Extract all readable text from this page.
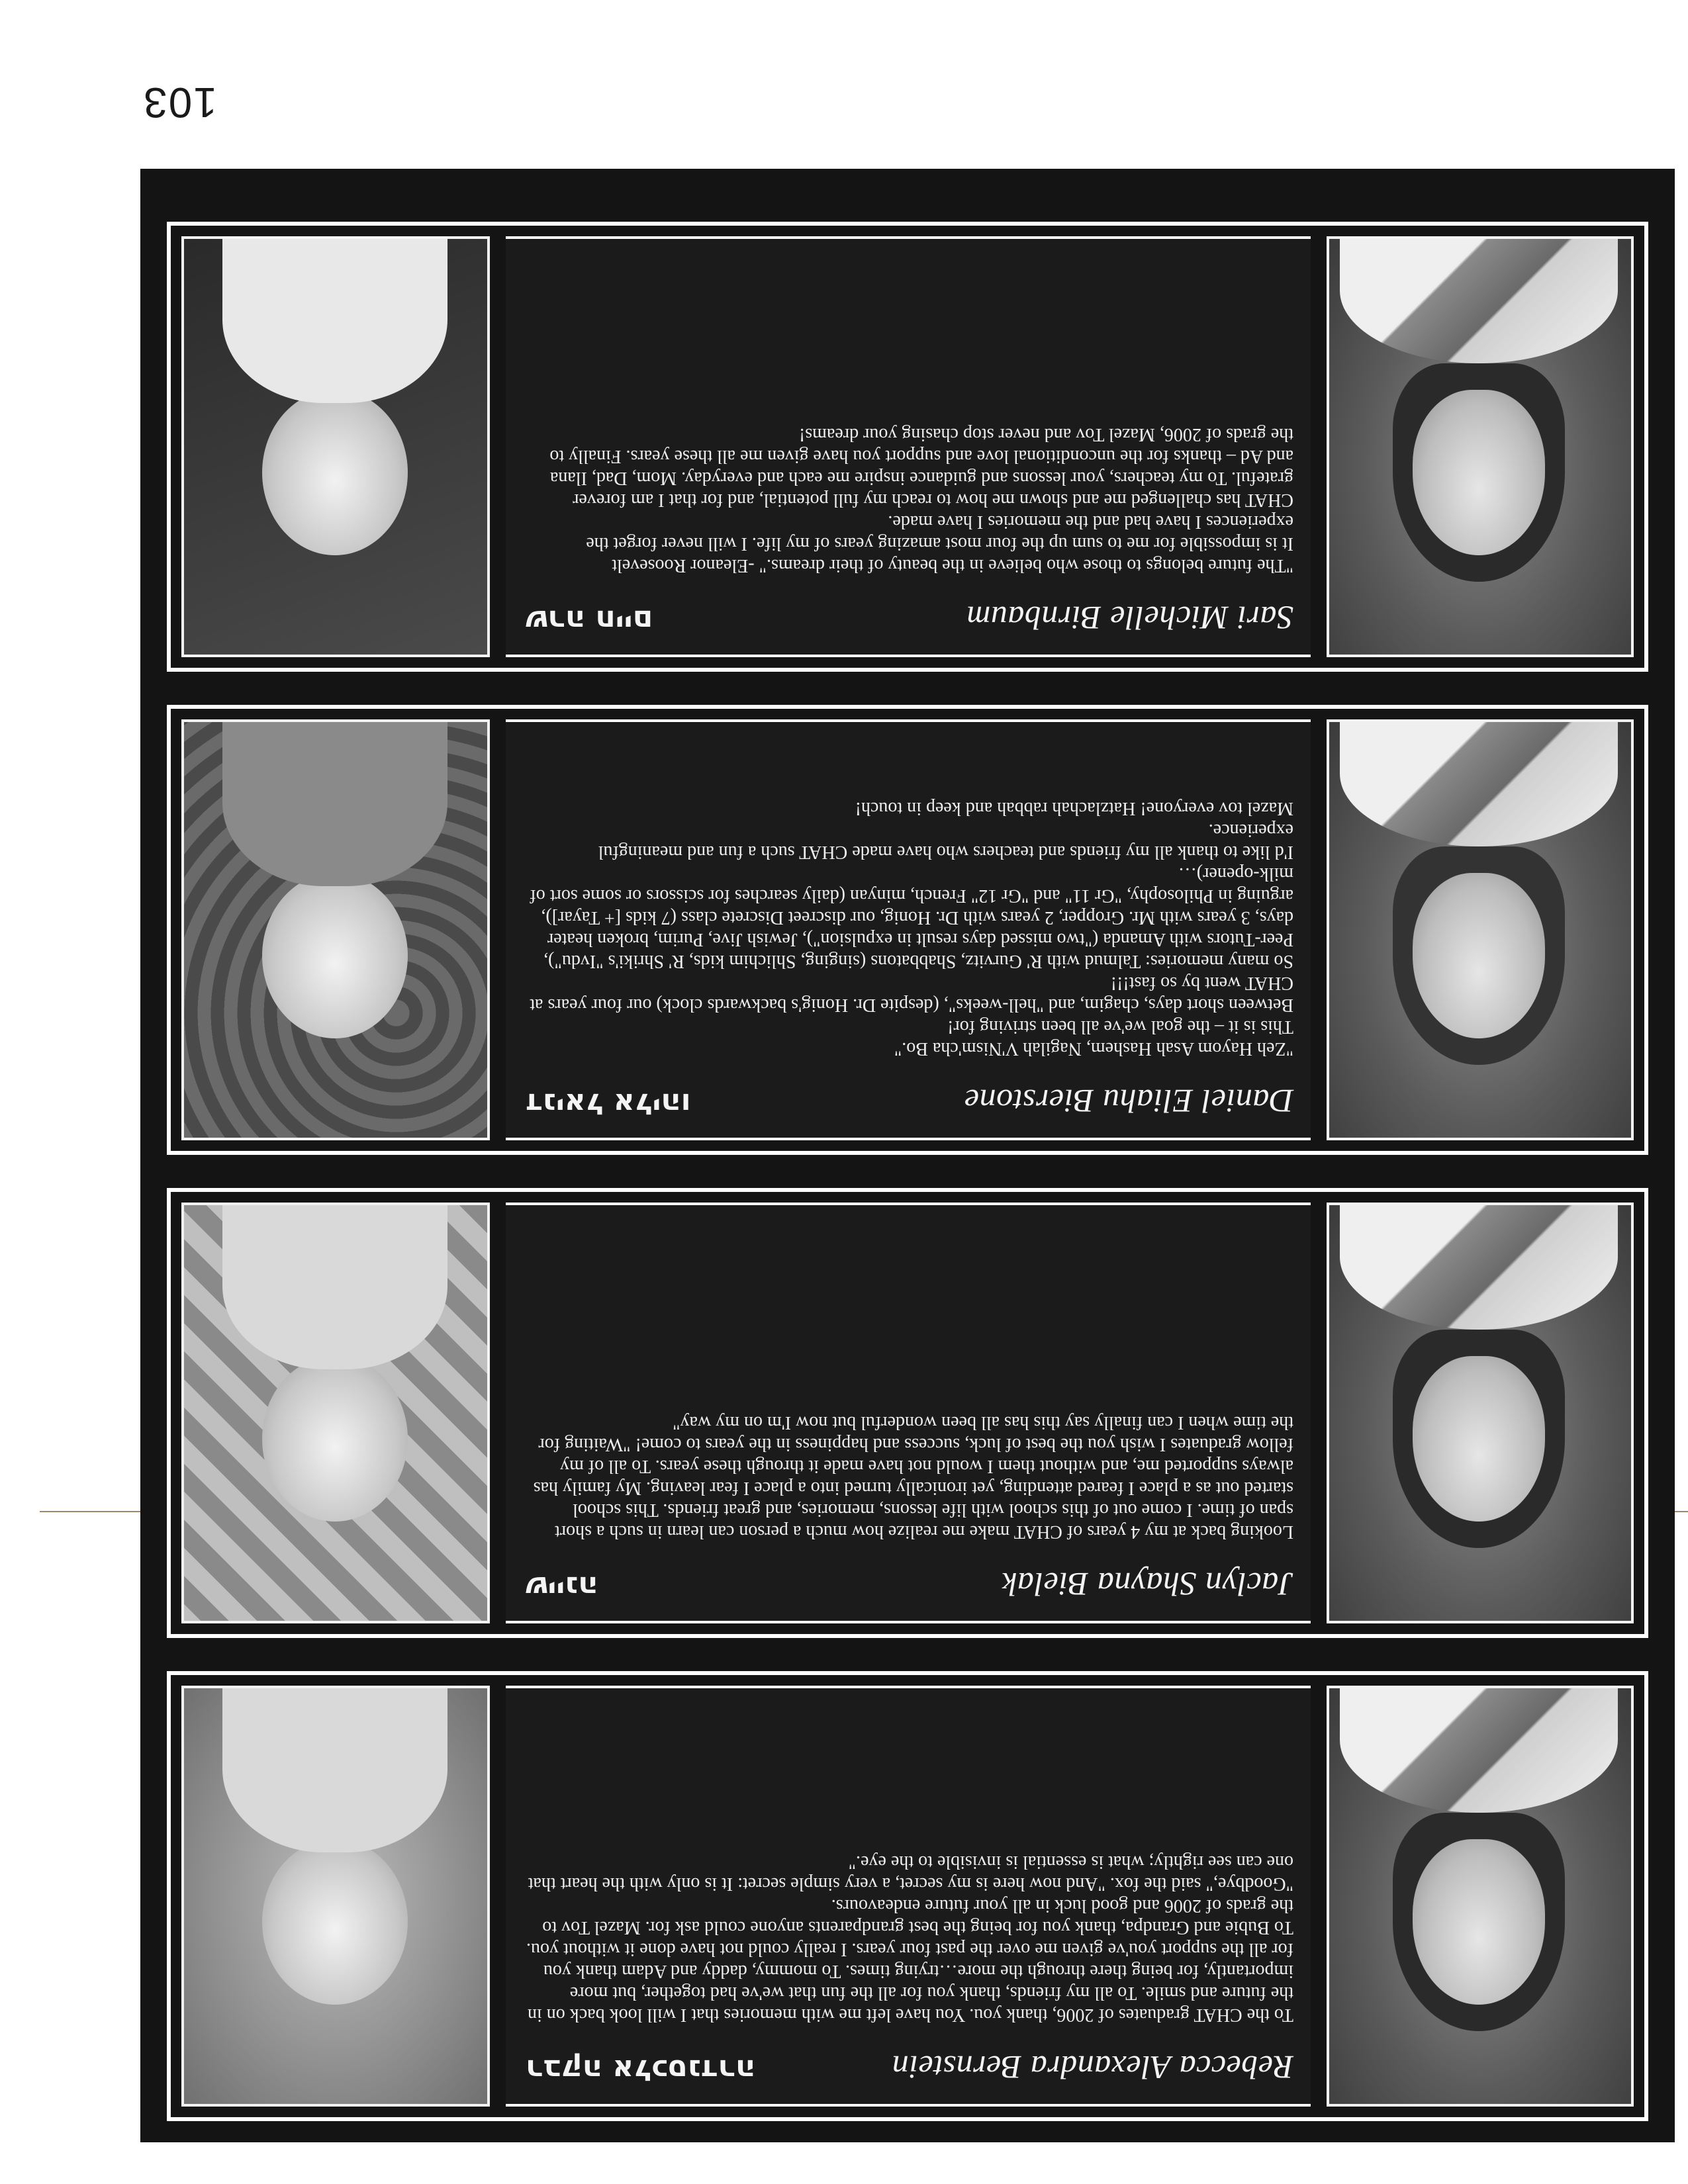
103
Rebecca Alexandra Bernstein
רבקה אלכסנדרה
To the CHAT graduates of 2006, thank you. You have left me with memories that I will look back on in the future and smile. To all my friends, thank you for all the fun that we've had together, but more importantly, for being there through the more…trying times. To mommy, daddy and Adam thank you for all the support you've given me over the past four years. I really could not have done it without you. To Bubie and Grandpa, thank you for being the best grandparents anyone could ask for. Mazel Tov to the grads of 2006 and good luck in all your future endeavours.
"Goodbye," said the fox. "And now here is my secret, a very simple secret: It is only with the heart that one can see rightly; what is essential is invisible to the eye."
Jaclyn Shayna Bielak
שיינה
Looking back at my 4 years of CHAT make me realize how much a person can learn in such a short span of time. I come out of this school with life lessons, memories, and great friends. This school started out as a place I feared attending, yet ironically turned into a place I fear leaving. My family has always supported me, and without them I would not have made it through these years. To all of my fellow graduates I wish you the best of luck, success and happiness in the years to come! "Waiting for the time when I can finally say this has all been wonderful but now I'm on my way"
Daniel Eliahu Bierstone
דניאל אליהו
"Zeh Hayom Asah Hashem, Nagilah V'Nism'cha Bo."
This is it – the goal we've all been striving for!
Between short days, chagim, and "hell-weeks", (despite Dr. Honig's backwards clock) our four years at CHAT went by so fast!!!
So many memories: Talmud with R' Gurvitz, Shabbatons (singing, Shlichim kids, R' Shriki's "Ivdu"), Peer-Tutors with Amanda ("two missed days result in expulsion"), Jewish Jive, Purim, broken heater days, 3 years with Mr. Gropper, 2 years with Dr. Honig, our discreet Discrete class (7 kids [+ Tayar]), arguing in Philosophy, "Gr 11" and "Gr 12" French, minyan (daily searches for scissors or some sort of milk-opener)…
I'd like to thank all my friends and teachers who have made CHAT such a fun and meaningful experience.
Mazel tov everyone! Hatzlachah rabbah and keep in touch!
Sari Michelle Birnbaum
שרה חיים
"The future belongs to those who believe in the beauty of their dreams." -Eleanor Roosevelt
It is impossible for me to sum up the four most amazing years of my life. I will never forget the experiences I have had and the memories I have made.
CHAT has challenged me and shown me how to reach my full potential, and for that I am forever grateful. To my teachers, your lessons and guidance inspire me each and everyday. Mom, Dad, Ilana and Ad – thanks for the unconditional love and support you have given me all these years. Finally to the grads of 2006, Mazel Tov and never stop chasing your dreams!
